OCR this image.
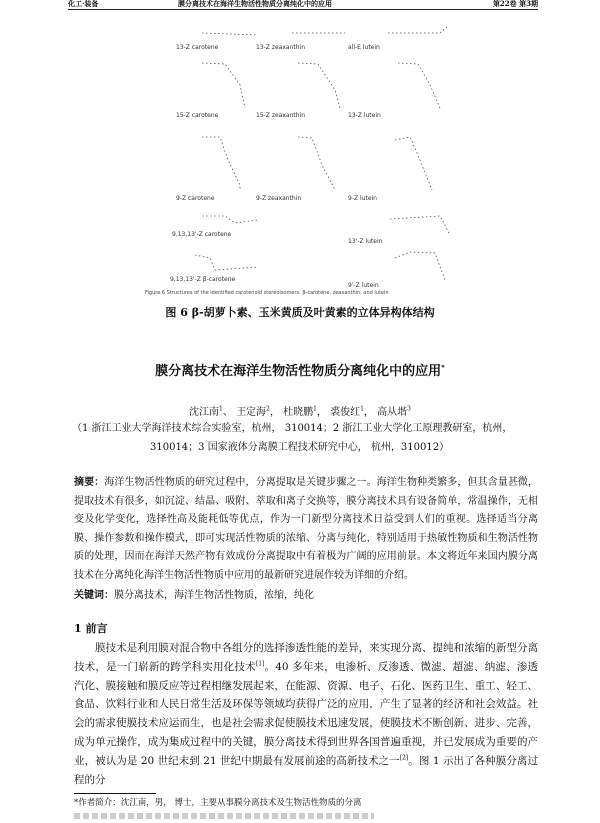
化工·装备	膜分离技术在海洋生物活性物质分离纯化中的应用	第22卷 第3期
13-Z carotene	13-Z zeaxanthin	all-E lutein
15-Z carotene	15-Z zeaxanthin	13-Z lutein
9-Z carotene	9-Z zeaxanthin	9-Z lutein
9,13,13'-Z carotene
13'-Z lutein
9,13,13'-Z β-carotene
9'-Z lutein
Figure 6 Structures of the identified carotenoid stereoisomers: β-carotene, zeaxanthin, and lutein
图 6 β-胡萝卜素、玉米黄质及叶黄素的立体异构体结构
膜分离技术在海洋生物活性物质分离纯化中的应用*
沈江南$^1$、 王定海$^2$， 杜晓鹏$^1$， 裘俊红$^1$， 高从堦$^3$
（1 浙江工业大学海洋技术综合实验室，杭州， 310014；2 浙江工业大学化工原理教研室，杭州，
310014；3 国家液体分离膜工程技术研究中心， 杭州，310012）
摘要：海洋生物活性物质的研究过程中，分离提取是关键步骤之一。海洋生物种类繁多，但其含量甚微，提取技术有很多，如沉淀、结晶、吸附、萃取和离子交换等，膜分离技术具有设备简单，常温操作，无相变及化学变化，选择性高及能耗低等优点，作为一门新型分离技术日益受到人们的重视。选择适当分离膜、操作参数和操作模式，即可实现活性物质的浓缩、分离与纯化，特别适用于热敏性物质和生物活性物质的处理，因而在海洋天然产物有效成份分离提取中有着极为广阔的应用前景。本文将近年来国内膜分离技术在分离纯化海洋生物活性物质中应用的最新研究进展作较为详细的介绍。
关键词：膜分离技术，海洋生物活性物质，浓缩，纯化
1 前言

膜技术是利用膜对混合物中各组分的选择渗透性能的差异，来实现分离、提纯和浓缩的新型分离技术，是一门崭新的跨学科实用化技术[1]。40 多年来，电渗析、反渗透、微滤、超滤、纳滤、渗透汽化、膜接触和膜反应等过程相继发展起来，在能源、资源、电子、石化、医药卫生、重工、轻工、食品、饮料行业和人民日常生活及环保等领域均获得广泛的应用，产生了显著的经济和社会效益。社会的需求使膜技术应运而生，也是社会需求促使膜技术迅速发展，使膜技术不断创新、进步、完善，成为单元操作，成为集成过程中的关键，膜分离技术得到世界各国普遍重视，并已发展成为重要的产业，被认为是 20 世纪末到 21 世纪中期最有发展前途的高新技术之一[2]。图 1 示出了各种膜分离过程的分

*作者简介：沈江南，男， 博士，主要从事膜分离技术及生物活性物质的分离
